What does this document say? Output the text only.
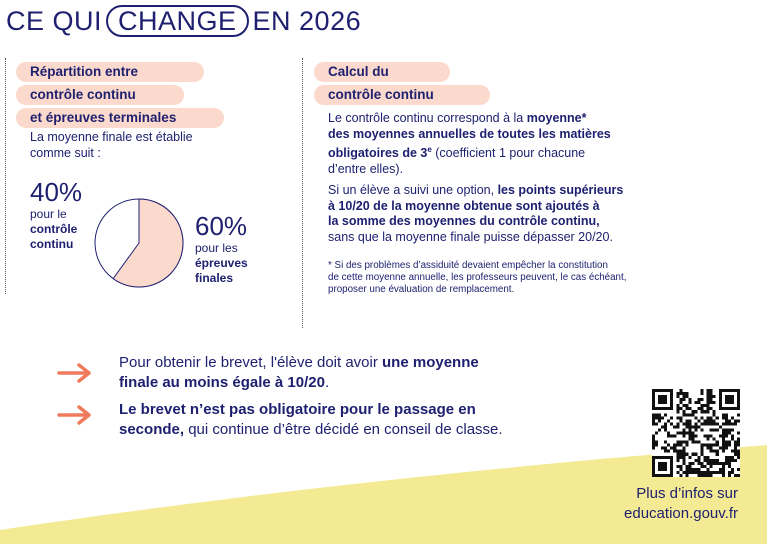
CE QUI CHANGE EN 2026
Répartition entre
contrôle continu
et épreuves terminales
La moyenne finale est établie
comme suit :
40%
pour le
contrôle
continu
60%
pour les
épreuves
finales
Calcul du
contrôle continu
Le contrôle continu correspond à la moyenne*
des moyennes annuelles de toutes les matières
obligatoires de 3e (coefficient 1 pour chacune
d’entre elles).
Si un élève a suivi une option, les points supérieurs
à 10/20 de la moyenne obtenue sont ajoutés à
la somme des moyennes du contrôle continu,
sans que la moyenne finale puisse dépasser 20/20.
* Si des problèmes d’assiduité devaient empêcher la constitution
de cette moyenne annuelle, les professeurs peuvent, le cas échéant,
proposer une évaluation de remplacement.
Pour obtenir le brevet, l'élève doit avoir une moyenne
finale au moins égale à 10/20.
Le brevet n’est pas obligatoire pour le passage en
seconde, qui continue d’être décidé en conseil de classe.
Plus d’infos sur
education.gouv.fr
